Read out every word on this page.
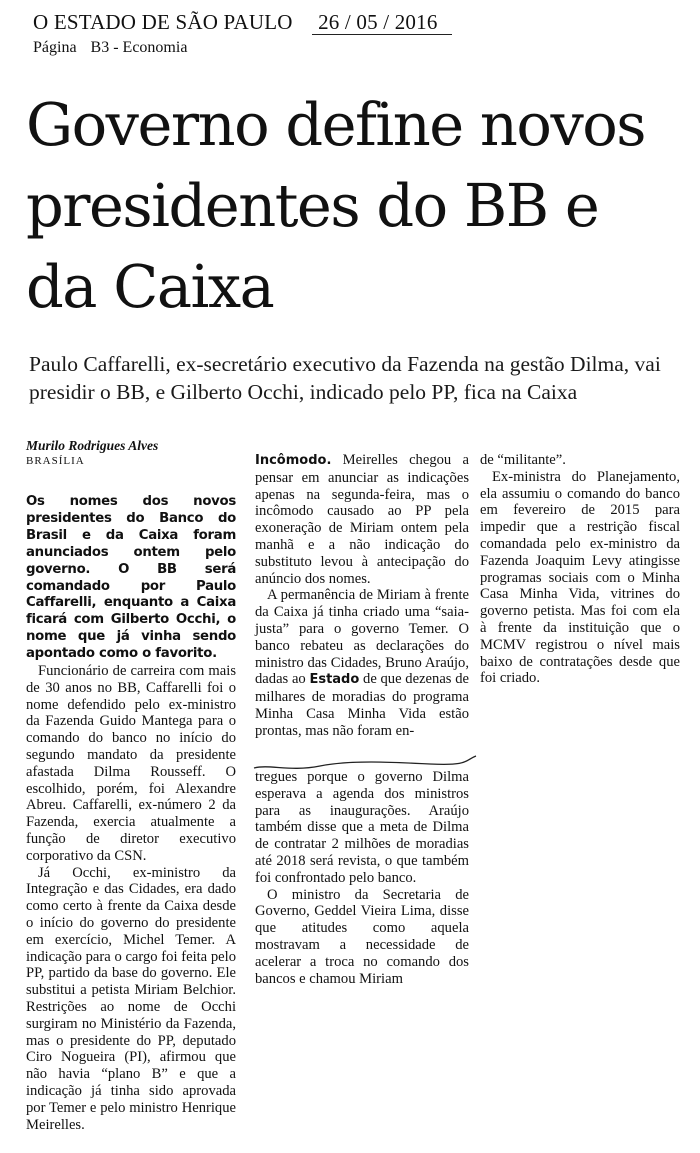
O ESTADO DE SÃO PAULO 26 / 05 / 2016
Página B3 - Economia
Governo define novos presidentes do BB e da Caixa

Paulo Caffarelli, ex-secretário executivo da Fazenda na gestão Dilma, vai presidir o BB, e Gilberto Occhi, indicado pelo PP, fica na Caixa

Murilo Rodrigues Alves
BRASÍLIA

Os nomes dos novos presidentes do Banco do Brasil e da Caixa foram anunciados ontem pelo governo. O BB será comandado por Paulo Caffarelli, enquanto a Caixa ficará com Gilberto Occhi, o nome que já vinha sendo apontado como o favorito.

Funcionário de carreira com mais de 30 anos no BB, Caffarelli foi o nome defendido pelo ex-ministro da Fazenda Guido Mantega para o comando do banco no início do segundo mandato da presidente afastada Dilma Rousseff. O escolhido, porém, foi Alexandre Abreu. Caffarelli, ex-número 2 da Fazenda, exercia atualmente a função de diretor executivo corporativo da CSN.

Já Occhi, ex-ministro da Integração e das Cidades, era dado como certo à frente da Caixa desde o início do governo do presidente em exercício, Michel Temer. A indicação para o cargo foi feita pelo PP, partido da base do governo. Ele substitui a petista Miriam Belchior. Restrições ao nome de Occhi surgiram no Ministério da Fazenda, mas o presidente do PP, deputado Ciro Nogueira (PI), afirmou que não havia “plano B” e que a indicação já tinha sido aprovada por Temer e pelo ministro Henrique Meirelles.

Incômodo. Meirelles chegou a pensar em anunciar as indicações apenas na segunda-feira, mas o incômodo causado ao PP pela exoneração de Miriam ontem pela manhã e a não indicação do substituto levou à antecipação do anúncio dos nomes.

A permanência de Miriam à frente da Caixa já tinha criado uma “saia-justa” para o governo Temer. O banco rebateu as declarações do ministro das Cidades, Bruno Araújo, dadas ao Estado de que dezenas de milhares de moradias do programa Minha Casa Minha Vida estão prontas, mas não foram en-

tregues porque o governo Dilma esperava a agenda dos ministros para as inaugurações. Araújo também disse que a meta de Dilma de contratar 2 milhões de moradias até 2018 será revista, o que também foi confrontado pelo banco.

O ministro da Secretaria de Governo, Geddel Vieira Lima, disse que atitudes como aquela mostravam a necessidade de acelerar a troca no comando dos bancos e chamou Miriam

de “militante”.

Ex-ministra do Planejamento, ela assumiu o comando do banco em fevereiro de 2015 para impedir que a restrição fiscal comandada pelo ex-ministro da Fazenda Joaquim Levy atingisse programas sociais com o Minha Casa Minha Vida, vitrines do governo petista. Mas foi com ela à frente da instituição que o MCMV registrou o nível mais baixo de contratações desde que foi criado.
